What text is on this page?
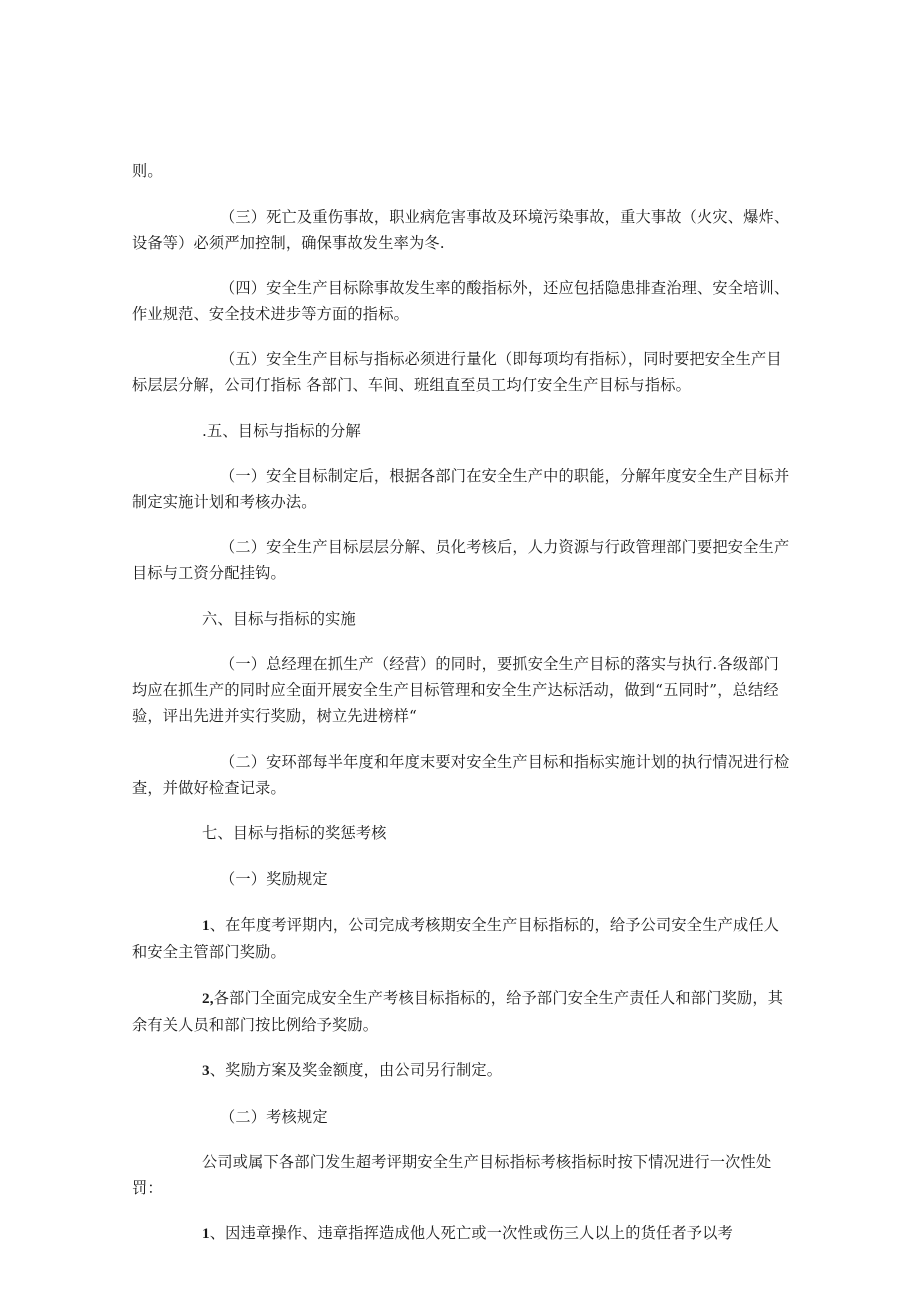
则。

（三）死亡及重伤事故，职业病危害事故及环境污染事故，重大事故（火灾、爆炸、设备等）必须严加控制，确保事故发生率为冬.

（四）安全生产目标除事故发生率的酸指标外，还应包括隐患排查治理、安全培训、作业规范、安全技术进步等方面的指标。

（五）安全生产目标与指标必须进行量化（即每项均有指标），同时要把安全生产目标层层分解，公司仃指标 各部门、车间、班组直至员工均仃安全生产目标与指标。

.五、目标与指标的分解

（一）安全目标制定后，根据各部门在安全生产中的职能，分解年度安全生产目标并制定实施计划和考核办法。

（二）安全生产目标层层分解、员化考核后，人力资源与行政管理部门要把安全生产目标与工资分配挂钩。

六、目标与指标的实施

（一）总经理在抓生产（经营）的同时，要抓安全生产目标的落实与执行.各级部门均应在抓生产的同时应全面开展安全生产目标管理和安全生产达标活动，做到“五同时”，总结经验，评出先进并实行奖励，树立先进榜样“

（二）安环部每半年度和年度末要对安全生产目标和指标实施计划的执行情况进行检查，并做好检查记录。

七、目标与指标的奖惩考核

（一）奖励规定

1、在年度考评期内，公司完成考核期安全生产目标指标的，给予公司安全生产成任人和安全主管部门奖励。

2,各部门全面完成安全生产考核目标指标的，给予部门安全生产责任人和部门奖励，其余有关人员和部门按比例给予奖励。

3、奖励方案及奖金额度，由公司另行制定。

（二）考核规定

公司或属下各部门发生超考评期安全生产目标指标考核指标时按下情况进行一次性处罚：

1、因违章操作、违章指挥造成他人死亡或一次性或伤三人以上的货任者予以考
